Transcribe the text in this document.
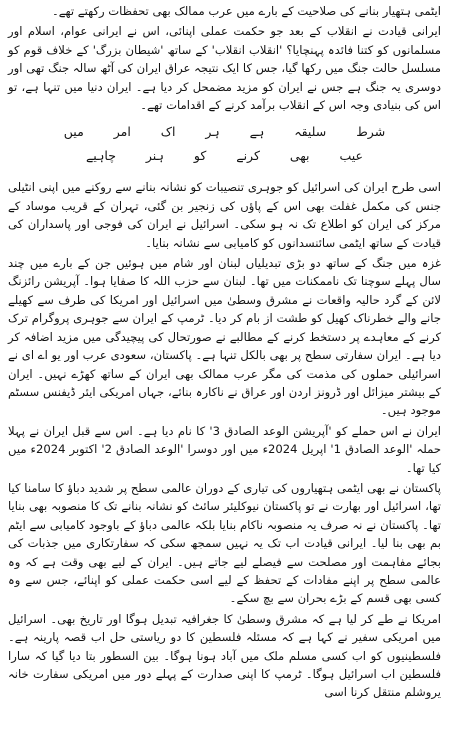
ایٹمی ہتھیار بنانے کی صلاحیت کے بارے میں عرب ممالک بھی تحفظات رکھتے تھے۔

ایرانی قیادت نے انقلاب کے بعد جو حکمت عملی اپنائی، اس نے ایرانی عوام، اسلام اور مسلمانوں کو کتنا فائدہ پہنچایا؟ 'انقلاب انقلاب' کے ساتھ 'شیطان بزرگ' کے خلاف قوم کو مسلسل حالت جنگ میں رکھا گیا، جس کا ایک نتیجہ عراق ایران کی آٹھ سالہ جنگ تھی اور دوسری یہ جنگ ہے جس نے ایران کو مزید مضمحل کر دیا ہے۔ ایران دنیا میں تنہا ہے، تو اس کی بنیادی وجہ اس کے انقلاب برآمد کرنے کے اقدامات تھے۔

شرط سلیقہ ہے ہر اک امر میں
عیب بھی کرنے کو ہنر چاہیے

اسی طرح ایران کی اسرائیل کو جوہری تنصیبات کو نشانہ بنانے سے روکنے میں اپنی انٹیلی جنس کی مکمل غفلت بھی اس کے پاؤں کی زنجیر بن گئی، تہران کے قریب موساد کے مرکز کی ایران کو اطلاع تک نہ ہو سکی۔ اسرائیل نے ایران کی فوجی اور پاسداران کی قیادت کے ساتھ ایٹمی سائنسدانوں کو کامیابی سے نشانہ بنایا۔

غزہ میں جنگ کے ساتھ دو بڑی تبدیلیاں لبنان اور شام میں ہوئیں جن کے بارے میں چند سال پہلے سوچنا تک ناممکنات میں تھا۔ لبنان سے حزب اللہ کا صفایا ہوا۔ آپریشن رائزنگ لائن کے گرد حالیہ واقعات نے مشرق وسطیٰ میں اسرائیل اور امریکا کی طرف سے کھیلے جانے والے خطرناک کھیل کو طشت از بام کر دیا۔ ٹرمپ کے ایران سے جوہری پروگرام ترک کرنے کے معاہدے پر دستخط کرنے کے مطالبے نے صورتحال کی پیچیدگی میں مزید اضافہ کر دیا ہے۔ ایران سفارتی سطح پر بھی بالکل تنہا ہے۔ پاکستان، سعودی عرب اور یو اے ای نے اسرائیلی حملوں کی مذمت کی مگر عرب ممالک بھی ایران کے ساتھ کھڑے نہیں۔ ایران کے بیشتر میزائل اور ڈرونز اردن اور عراق نے ناکارہ بنائے، جہاں امریکی ایئر ڈیفنس سسٹم موجود ہیں۔

ایران نے اس حملے کو 'آپریشن الوعد الصادق 3' کا نام دیا ہے۔ اس سے قبل ایران نے پہلا حملہ 'الوعد الصادق 1' اپریل 2024ء میں اور دوسرا 'الوعد الصادق 2' اکتوبر 2024ء میں کیا تھا۔

پاکستان نے بھی ایٹمی ہتھیاروں کی تیاری کے دوران عالمی سطح پر شدید دباؤ کا سامنا کیا تھا، اسرائیل اور بھارت نے تو پاکستان نیوکلیئر سائٹ کو نشانہ بنانے تک کا منصوبہ بھی بنایا تھا۔ پاکستان نے نہ صرف یہ منصوبہ ناکام بنایا بلکہ عالمی دباؤ کے باوجود کامیابی سے ایٹم بم بھی بنا لیا۔ ایرانی قیادت اب تک یہ نہیں سمجھ سکی کہ سفارتکاری میں جذبات کی بجائے مفاہمت اور مصلحت سے فیصلے لیے جاتے ہیں۔ ایران کے لیے بھی وقت ہے کہ وہ عالمی سطح پر اپنے مفادات کے تحفظ کے لیے اسی حکمت عملی کو اپنائے، جس سے وہ کسی بھی قسم کے بڑے بحران سے بچ سکے۔

امریکا نے طے کر لیا ہے کہ مشرق وسطیٰ کا جغرافیہ تبدیل ہوگا اور تاریخ بھی۔ اسرائیل میں امریکی سفیر نے کہا ہے کہ مسئلہ فلسطین کا دو ریاستی حل اب قصہ پارینہ ہے۔ فلسطینیوں کو اب کسی مسلم ملک میں آباد ہونا ہوگا۔ بین السطور بتا دیا گیا کہ سارا فلسطین اب اسرائیل ہوگا۔ ٹرمپ کا اپنی صدارت کے پہلے دور میں امریکی سفارت خانہ یروشلم منتقل کرنا اسی
